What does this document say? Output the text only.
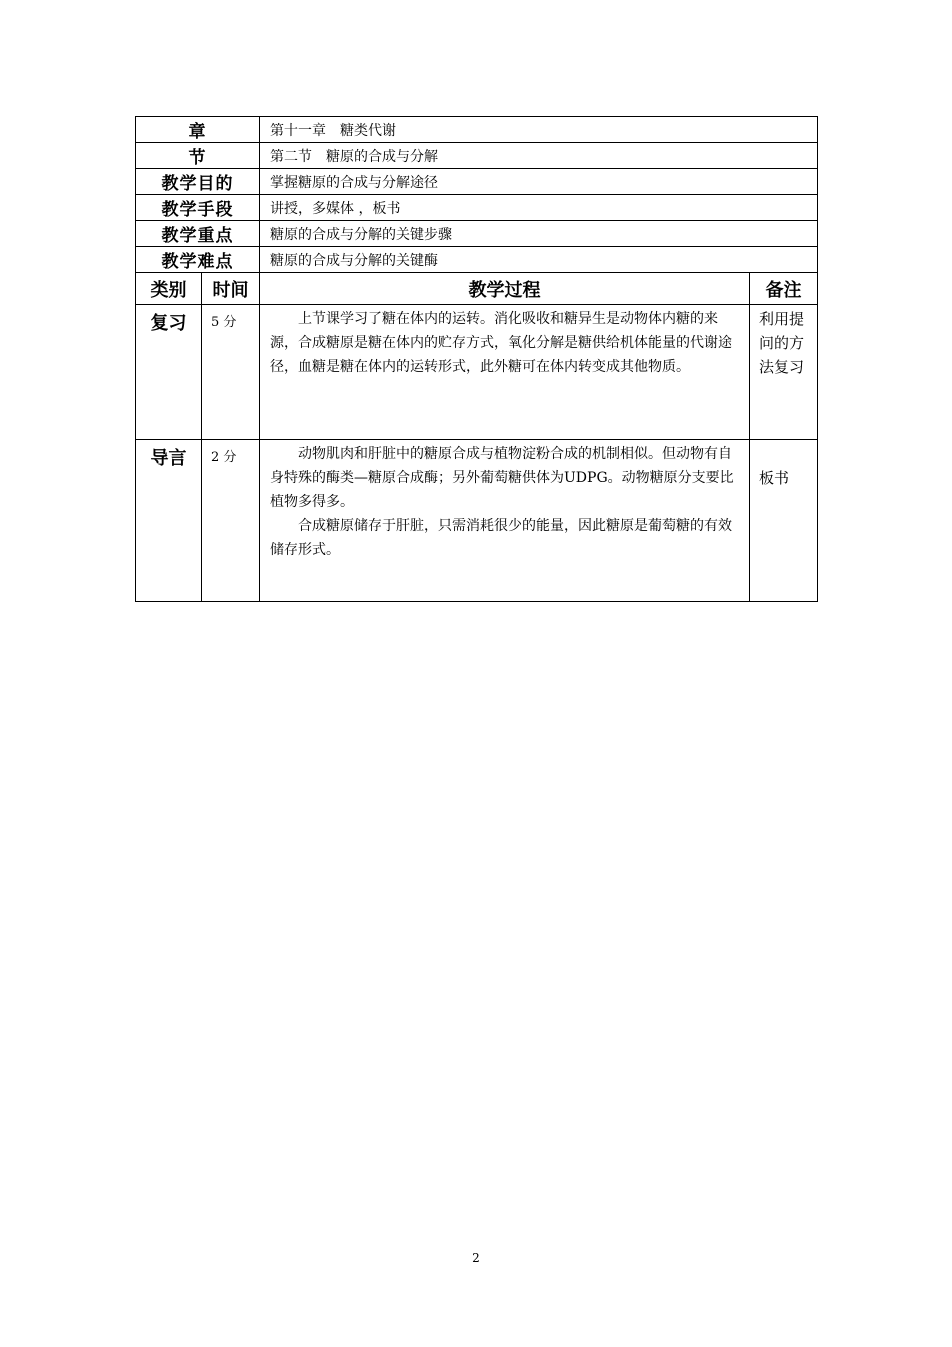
章		第十一章　糖类代谢	
节		第二节　糖原的合成与分解	
教学目的		掌握糖原的合成与分解途径	
教学手段		讲授，多媒体 ，板书	
教学重点		糖原的合成与分解的关键步骤	
教学难点		糖原的合成与分解的关键酶	
类别	时间	教学过程	备注
复习	5 分	上节课学习了糖在体内的运转。消化吸收和糖异生是动物体内糖的来源，合成糖原是糖在体内的贮存方式，氧化分解是糖供给机体能量的代谢途径，血糖是糖在体内的运转形式，此外糖可在体内转变成其他物质。	利用提问的方法复习
导言	2 分	动物肌肉和肝脏中的糖原合成与植物淀粉合成的机制相似。但动物有自身特殊的酶类—糖原合成酶；另外葡萄糖供体为UDPG。动物糖原分支要比植物多得多。

合成糖原储存于肝脏，只需消耗很少的能量，因此糖原是葡萄糖的有效储存形式。	板书
2
